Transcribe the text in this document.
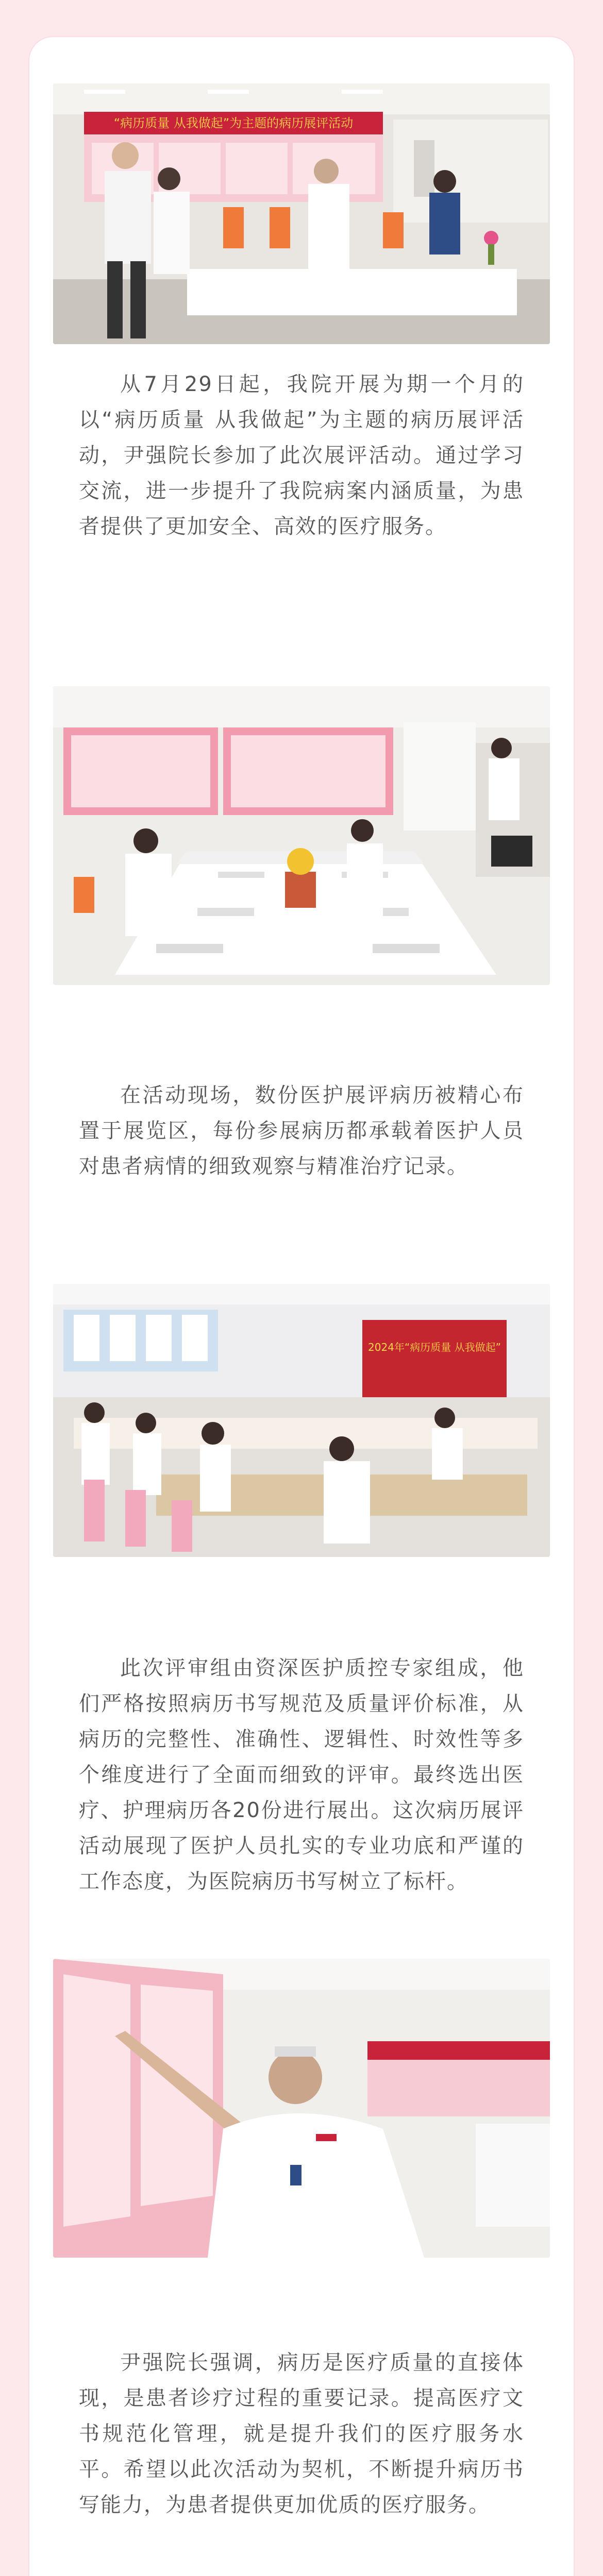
“病历质量 从我做起”为主题的病历展评活动

从7月29日起，我院开展为期一个月的以“病历质量 从我做起”为主题的病历展评活动，尹强院长参加了此次展评活动。通过学习交流，进一步提升了我院病案内涵质量，为患者提供了更加安全、高效的医疗服务。

在活动现场，数份医护展评病历被精心布置于展览区，每份参展病历都承载着医护人员对患者病情的细致观察与精准治疗记录。

2024年“病历质量 从我做起”

此次评审组由资深医护质控专家组成，他们严格按照病历书写规范及质量评价标准，从病历的完整性、准确性、逻辑性、时效性等多个维度进行了全面而细致的评审。最终选出医疗、护理病历各20份进行展出。这次病历展评活动展现了医护人员扎实的专业功底和严谨的工作态度，为医院病历书写树立了标杆。

尹强院长强调，病历是医疗质量的直接体现，是患者诊疗过程的重要记录。提高医疗文书规范化管理，就是提升我们的医疗服务水平。希望以此次活动为契机，不断提升病历书写能力，为患者提供更加优质的医疗服务。
